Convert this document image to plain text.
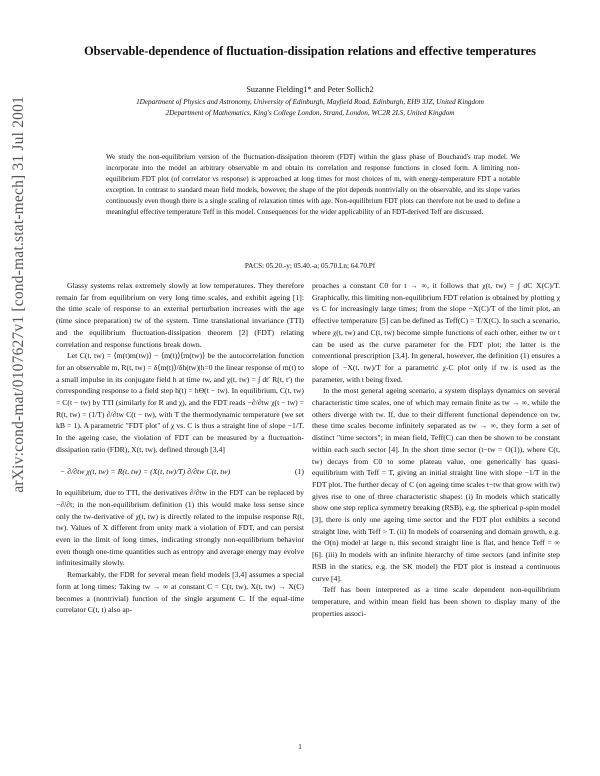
arXiv:cond-mat/0107627v1 [cond-mat.stat-mech] 31 Jul 2001
Observable-dependence of fluctuation-dissipation relations and effective temperatures
Suzanne Fielding1* and Peter Sollich2
1Department of Physics and Astronomy, University of Edinburgh, Mayfield Road, Edinburgh, EH9 3JZ, United Kingdom
2Department of Mathematics, King's College London, Strand, London, WC2R 2LS, United Kingdom
We study the non-equilibrium version of the fluctuation-dissipation theorem (FDT) within the glass phase of Bouchaud's trap model. We incorporate into the model an arbitrary observable m and obtain its correlation and response functions in closed form. A limiting non-equilibrium FDT plot (of correlator vs response) is approached at long times for most choices of m, with energy-temperature FDT a notable exception. In contrast to standard mean field models, however, the shape of the plot depends nontrivially on the observable, and its slope varies continuously even though there is a single scaling of relaxation times with age. Non-equilibrium FDT plots can therefore not be used to define a meaningful effective temperature Teff in this model. Consequences for the wider applicability of an FDT-derived Teff are discussed.
PACS: 05.20.-y; 05.40.-a; 05.70.Ln; 64.70.Pf

Glassy systems relax extremely slowly at low temperatures. They therefore remain far from equilibrium on very long time scales, and exhibit ageing [1]: the time scale of response to an external perturbation increases with the age (time since preparation) tw of the system. Time translational invariance (TTI) and the equilibrium fluctuation-dissipation theorem [2] (FDT) relating correlation and response functions break down.

Let C(t, tw) = ⟨m(t)m(tw)⟩ − ⟨m(t)⟩⟨m(tw)⟩ be the autocorrelation function for an observable m, R(t, tw) = δ⟨m(t)⟩/δh(tw)|h=0 the linear response of m(t) to a small impulse in its conjugate field h at time tw, and χ(t, tw) = ∫ dt′ R(t, t′) the corresponding response to a field step h(t) = hΘ(t − tw). In equilibrium, C(t, tw) = C(t − tw) by TTI (similarly for R and χ), and the FDT reads −∂/∂tw χ(t − tw) = R(t, tw) = (1/T) ∂/∂tw C(t − tw), with T the thermodynamic temperature (we set kB = 1). A parametric "FDT plot" of χ vs. C is thus a straight line of slope −1/T. In the ageing case, the violation of FDT can be measured by a fluctuation-dissipation ratio (FDR), X(t, tw), defined through [3,4]

− ∂/∂tw χ(t, tw) = R(t, tw) = (X(t, tw)/T) ∂/∂tw C(t, tw)	(1)

In equilibrium, due to TTI, the derivatives ∂/∂tw in the FDT can be replaced by −∂/∂t; in the non-equilibrium definition (1) this would make less sense since only the tw-derivative of χ(t, tw) is directly related to the impulse response R(t, tw). Values of X different from unity mark a violation of FDT, and can persist even in the limit of long times, indicating strongly non-equilibrium behavior even though one-time quantities such as entropy and average energy may evolve infinitesimally slowly.

Remarkably, the FDR for several mean field models [3,4] assumes a special form at long times: Taking tw → ∞ at constant C = C(t, tw), X(t, tw) → X(C) becomes a (nontrivial) function of the single argument C. If the equal-time correlator C(t, t) also ap-

proaches a constant C0 for t → ∞, it follows that χ(t, tw) = ∫ dC X(C)/T. Graphically, this limiting non-equilibrium FDT relation is obtained by plotting χ vs C for increasingly large times; from the slope −X(C)/T of the limit plot, an effective temperature [5] can be defined as Teff(C) = T/X(C). In such a scenario, where χ(t, tw) and C(t, tw) become simple functions of each other, either tw or t can be used as the curve parameter for the FDT plot; the latter is the conventional prescription [3,4]. In general, however, the definition (1) ensures a slope of −X(t, tw)/T for a parametric χ-C plot only if tw is used as the parameter, with t being fixed.

In the most general ageing scenario, a system displays dynamics on several characteristic time scales, one of which may remain finite as tw → ∞, while the others diverge with tw. If, due to their different functional dependence on tw, these time scales become infinitely separated as tw → ∞, they form a set of distinct "time sectors"; in mean field, Teff(C) can then be shown to be constant within each such sector [4]. In the short time sector (t−tw = O(1)), where C(t, tw) decays from C0 to some plateau value, one generically has quasi-equilibrium with Teff = T, giving an initial straight line with slope −1/T in the FDT plot. The further decay of C (on ageing time scales t−tw that grow with tw) gives rise to one of three characteristic shapes: (i) In models which statically show one step replica symmetry breaking (RSB), e.g. the spherical p-spin model [3], there is only one ageing time sector and the FDT plot exhibits a second straight line, with Teff > T. (ii) In models of coarsening and domain growth, e.g. the O(n) model at large n, this second straight line is flat, and hence Teff = ∞ [6]. (iii) In models with an infinite hierarchy of time sectors (and infinite step RSB in the statics, e.g. the SK model) the FDT plot is instead a continuous curve [4].

Teff has been interpreted as a time scale dependent non-equilibrium temperature, and within mean field has been shown to display many of the properties associ-

1
